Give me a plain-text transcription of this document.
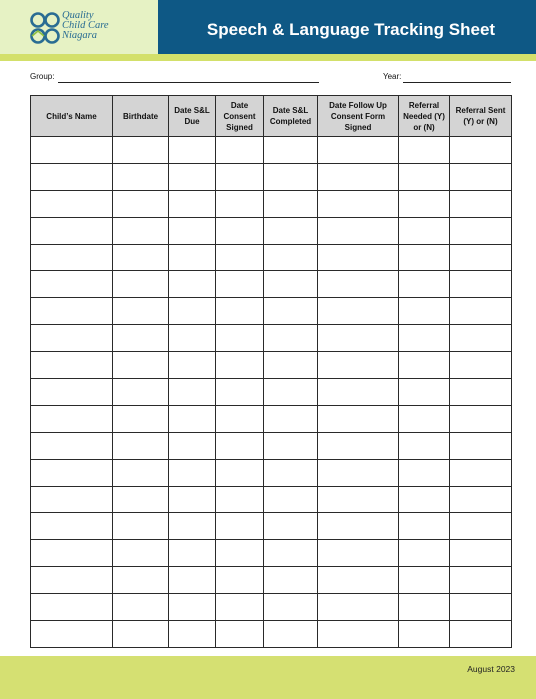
Quality
Child Care
Niagara	Speech & Language Tracking Sheet
Group:	Year:
Child’s Name	Birthdate	Date S&L Due	Date Consent Signed	Date S&L Completed	Date Follow Up Consent Form Signed	Referral Needed (Y) or (N)	Referral Sent (Y) or (N)

August 2023
